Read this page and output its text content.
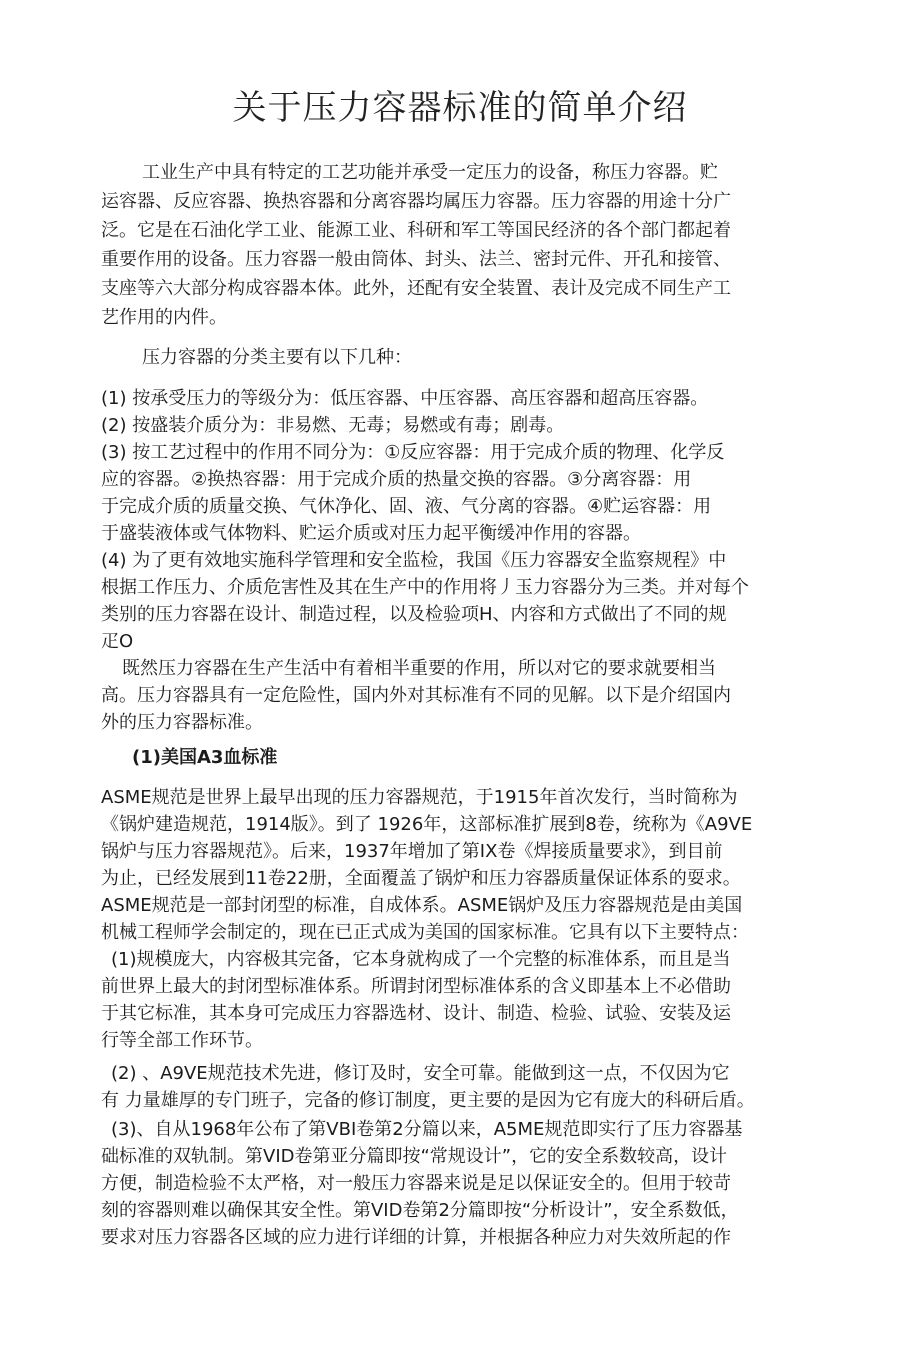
关于压力容器标准的简单介绍
工业生产中具有特定的工艺功能并承受一定压力的设备，称压力容器。贮
运容器、反应容器、换热容器和分离容器均属压力容器。压力容器的用途十分广
泛。它是在石油化学工业、能源工业、科研和军工等国民经济的各个部门都起着
重要作用的设备。压力容器一般由筒体、封头、法兰、密封元件、开孔和接管、
支座等六大部分构成容器本体。此外，还配有安全装置、表计及完成不同生产工
艺作用的内件。
压力容器的分类主要有以下几种：
(1) 按承受压力的等级分为：低压容器、中压容器、高压容器和超高压容器。
(2) 按盛装介质分为：非易燃、无毒；易燃或有毒；剧毒。
(3) 按工艺过程中的作用不同分为：①反应容器：用于完成介质的物理、化学反
应的容器。②换热容器：用于完成介质的热量交换的容器。③分离容器：用
于完成介质的质量交换、气休净化、固、液、气分离的容器。④贮运容器：用
于盛装液体或气体物料、贮运介质或对压力起平衡缓冲作用的容器。
(4) 为了更有效地实施科学管理和安全监检，我国《压力容器安全监察规程》中
根据工作压力、介质危害性及其在生产中的作用将丿玉力容器分为三类。并对每个
类别的压力容器在设计、制造过程，以及检验项H、内容和方式做出了不同的规
疋O
既然压力容器在生产生活中有着相半重要的作用，所以对它的要求就要相当
高。压力容器具有一定危险性，国内外对其标准有不同的见解。以下是介绍国内
外的压力容器标准。
(1)美国A3血标准
ASME规范是世界上最早出现的压力容器规范，于1915年首次发行，当时简称为
《锅炉建造规范，1914版》。到了 1926年，这部标准扩展到8卷，统称为《A9VE
锅炉与压力容器规范》。后来，1937年增加了第IX卷《焊接质量要求》，到目前
为止，已经发展到11卷22册，全面覆盖了锅炉和压力容器质量保证体系的耍求。
ASME规范是一部封闭型的标准，自成体系。ASME锅炉及压力容器规范是由美国
机械工程师学会制定的，现在已正式成为美国的国家标准。它具有以下主要特点：
(1)规模庞大，内容极其完备，它本身就构成了一个完整的标准体系，而且是当
前世界上最大的封闭型标准体系。所谓封闭型标准体系的含义即基本上不必借助
于其它标准，其本身可完成压力容器选材、设计、制造、检验、试验、安装及运
行等全部工作环节。
(2) 、A9VE规范技术先进，修订及时，安全可靠。能做到这一点，不仅因为它
有 力量雄厚的专门班子，完备的修订制度，更主要的是因为它有庞大的科研后盾。
(3)、自从1968年公布了第VBI卷第2分篇以来，A5ME规范即实行了压力容器基
础标准的双轨制。第VID卷第亚分篇即按“常规设计”，它的安全系数较高，设计
方便，制造检验不太严格，对一般压力容器来说是足以保证安全的。但用于较苛
刻的容器则难以确保其安全性。第VID卷第2分篇即按“分析设计”，安全系数低，
要求对压力容器各区域的应力进行详细的计算，并根据各种应力对失效所起的作
